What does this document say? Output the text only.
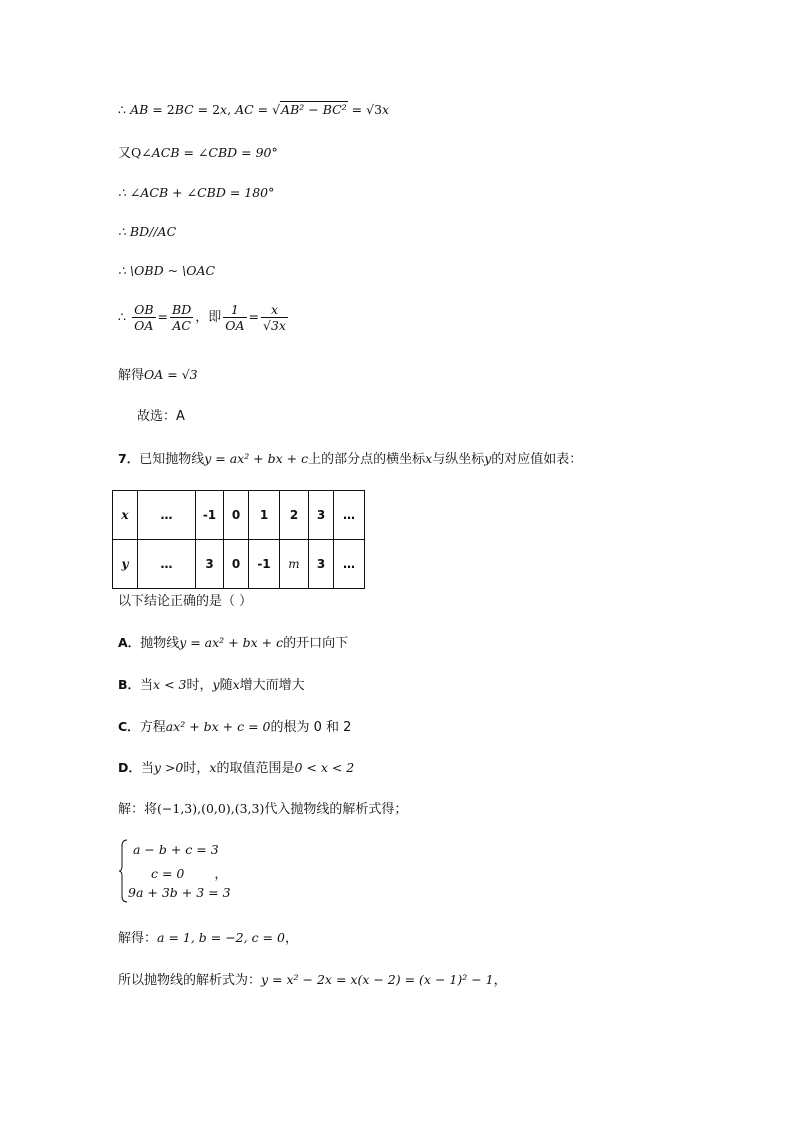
∴ AB = 2BC = 2x, AC = √AB² − BC² = √3x
又Q∠ACB = ∠CBD = 90°
∴ ∠ACB + ∠CBD = 180°
∴ BD//AC
∴ \OBD ~ \OAC
∴ $\frac{OB}{OA} = \frac{BD}{AC}$ ，即 $\frac{1}{OA} = \frac{x}{√3x}$
解得OA = √3
故选：A
7．已知抛物线y = ax² + bx + c上的部分点的横坐标x与纵坐标y的对应值如表：
x	…	-1	0	1	2	3	…
y	…	3	0	-1	m	3	…
以下结论正确的是（ ）
A．抛物线y = ax² + bx + c的开口向下
B．当x < 3时，y随x增大而增大
C．方程ax² + bx + c = 0的根为 0 和 2
D．当y >0时，x的取值范围是0 < x < 2
解：将(−1,3),(0,0),(3,3)代入抛物线的解析式得；
a − b + c = 3
c = 0 ，
9a + 3b + 3 = 3
解得：a = 1, b = −2, c = 0，
所以抛物线的解析式为：y = x² − 2x = x(x − 2) = (x − 1)² − 1，
